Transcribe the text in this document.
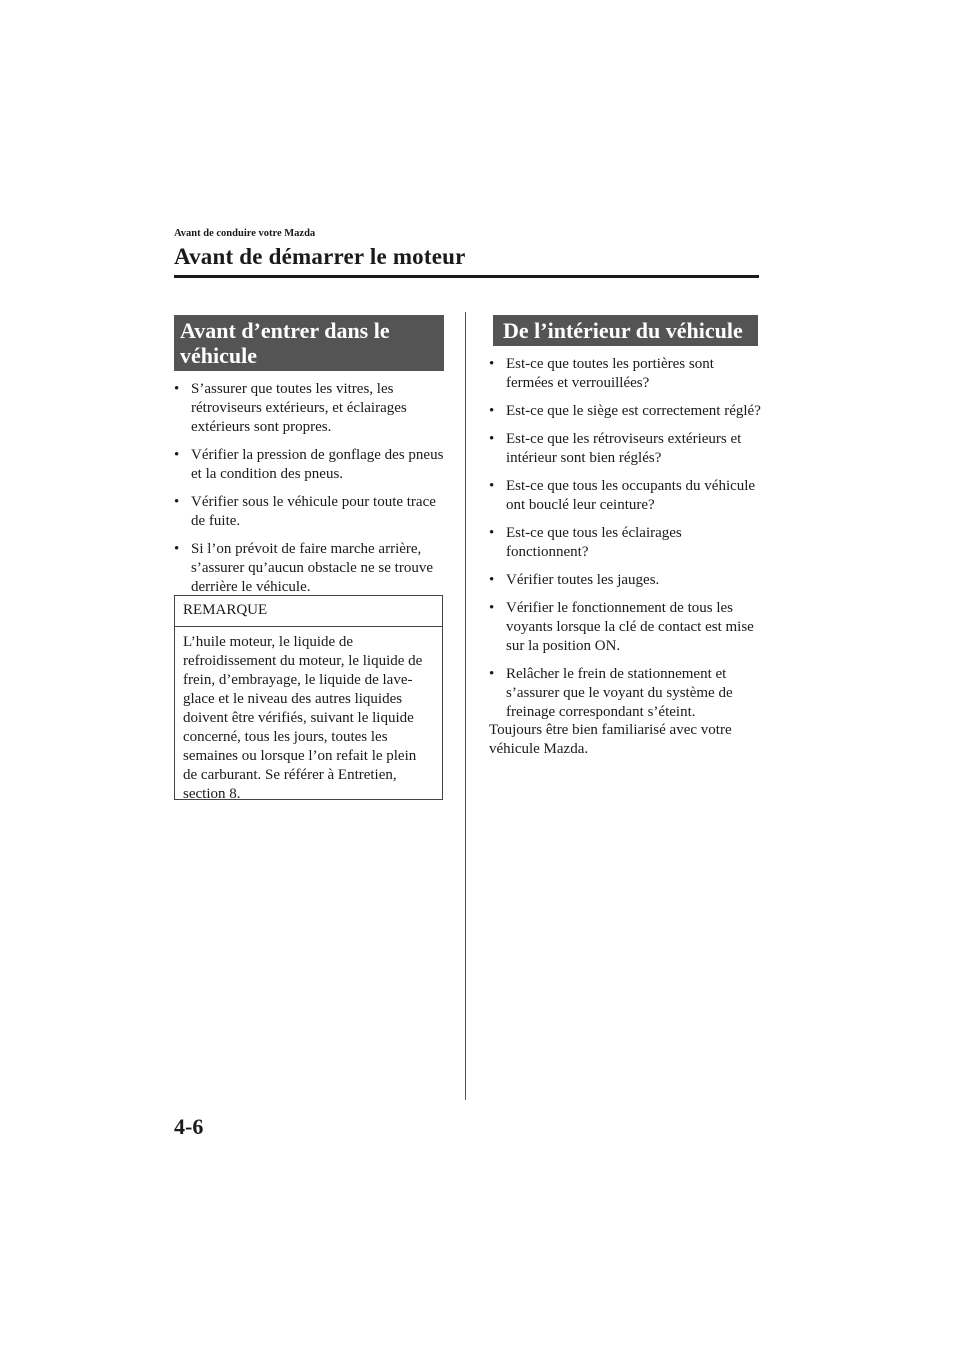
Avant de conduire votre Mazda
Avant de démarrer le moteur
Avant d’entrer dans le
véhicule
• S’assurer que toutes les vitres, les rétroviseurs extérieurs, et éclairages extérieurs sont propres.
• Vérifier la pression de gonflage des pneus et la condition des pneus.
• Vérifier sous le véhicule pour toute trace de fuite.
• Si l’on prévoit de faire marche arrière, s’assurer qu’aucun obstacle ne se trouve derrière le véhicule.
REMARQUE
L’huile moteur, le liquide de refroidissement du moteur, le liquide de frein, d’embrayage, le liquide de lave-glace et le niveau des autres liquides doivent être vérifiés, suivant le liquide concerné, tous les jours, toutes les semaines ou lorsque l’on refait le plein de carburant. Se référer à Entretien, section 8.
De l’intérieur du véhicule
• Est-ce que toutes les portières sont fermées et verrouillées?
• Est-ce que le siège est correctement réglé?
• Est-ce que les rétroviseurs extérieurs et intérieur sont bien réglés?
• Est-ce que tous les occupants du véhicule ont bouclé leur ceinture?
• Est-ce que tous les éclairages fonctionnent?
• Vérifier toutes les jauges.
• Vérifier le fonctionnement de tous les voyants lorsque la clé de contact est mise sur la position ON.
• Relâcher le frein de stationnement et s’assurer que le voyant du système de freinage correspondant s’éteint.
Toujours être bien familiarisé avec votre véhicule Mazda.
4-6
